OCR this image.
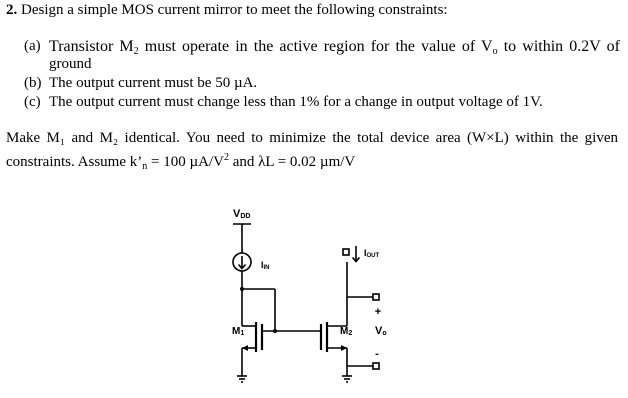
2. Design a simple MOS current mirror to meet the following constraints:
(a) Transistor $M_2$ must operate in the active region for the value of $V_o$ to within 0.2V of
ground
(b) The output current must be 50 µA.
(c) The output current must change less than 1% for a change in output voltage of 1V.
Make M₁ and M₂ identical. You need to minimize the total device area (W×L) within the given
constraints. Assume $k’_n = 100$ $\mu A/V^2$ and λL = 0.02 µm/V
VDD
IIN
IOUT
M1	M2 Vo
+
-
